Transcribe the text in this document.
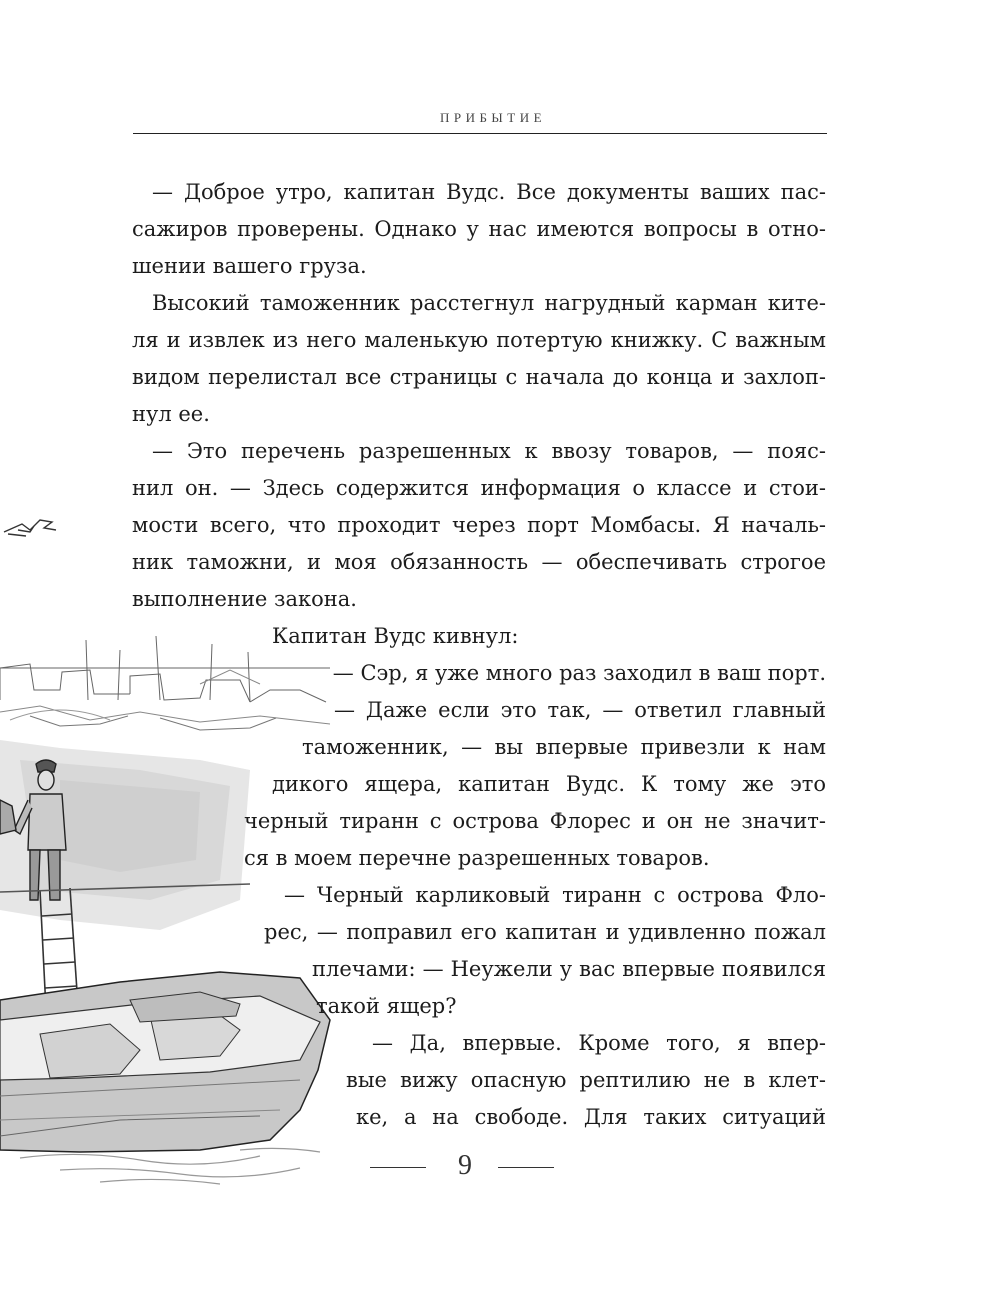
ПРИБЫТИЕ
— Доброе утро, капитан Вудс. Все документы ваших пас-
сажиров проверены. Однако у нас имеются вопросы в отно-
шении вашего груза.
Высокий таможенник расстегнул нагрудный карман ките-
ля и извлек из него маленькую потертую книжку. С важным
видом перелистал все страницы с начала до конца и захлоп-
нул ее.
— Это перечень разрешенных к ввозу товаров, — пояс-
нил он. — Здесь содержится информация о классе и стои-
мости всего, что проходит через порт Момбасы. Я началь-
ник таможни, и моя обязанность — обеспечивать строгое
выполнение закона.
Капитан Вудс кивнул:
— Сэр, я уже много раз заходил в ваш порт.
— Даже если это так, — ответил главный
таможенник, — вы впервые привезли к нам
дикого ящера, капитан Вудс. К тому же это
черный тиранн с острова Флорес и он не значит-
ся в моем перечне разрешенных товаров.
— Черный карликовый тиранн с острова Фло-
рес, — поправил его капитан и удивленно пожал
плечами: — Неужели у вас впервые появился
такой ящер?
— Да, впервые. Кроме того, я впер-
вые вижу опасную рептилию не в клет-
ке, а на свободе. Для таких ситуаций
9
